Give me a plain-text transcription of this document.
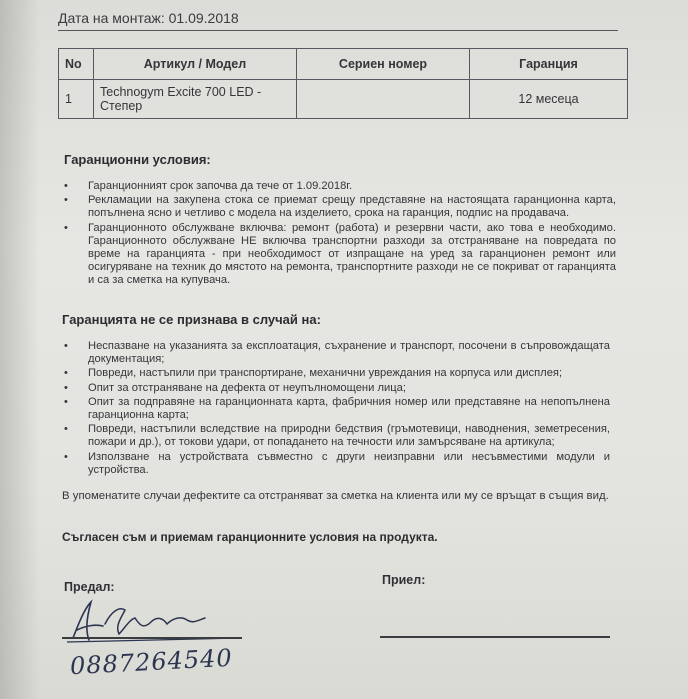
Дата на монтаж: 01.09.2018
No	Артикул / Модел	Сериен номер	Гаранция
1	Technogym Excite 700 LED - Степер		12 месеца
Гаранционни условия:
• Гаранционният срок започва да тече от 1.09.2018г.
• Рекламации на закупена стока се приемат срещу представяне на настоящата гаранционна карта, попълнена ясно и четливо с модела на изделието, срока на гаранция, подпис на продавача.
• Гаранционното обслужване включва: ремонт (работа) и резервни части, ако това е необходимо. Гаранционното обслужване НЕ включва транспортни разходи за отстраняване на повредата по време на гаранцията - при необходимост от изпращане на уред за гаранционен ремонт или осигуряване на техник до мястото на ремонта, транспортните разходи не се покриват от гаранцията и са за сметка на купувача.
Гаранцията не се признава в случай на:
• Неспазване на указанията за експлоатация, съхранение и транспорт, посочени в съпровождащата документация;
• Повреди, настъпили при транспортиране, механични увреждания на корпуса или дисплея;
• Опит за отстраняване на дефекта от неупълномощени лица;
• Опит за подправяне на гаранционната карта, фабричния номер или представяне на непопълнена гаранционна карта;
• Повреди, настъпили вследствие на природни бедствия (гръмотевици, наводнения, земетресения, пожари и др.), от токови удари, от попадането на течности или замърсяване на артикула;
• Използване на устройствата съвместно с други неизправни или несъвместими модули и устройства.
В упоменатите случаи дефектите са отстраняват за сметка на клиента или му се връщат в същия вид.
Съгласен съм и приемам гаранционните условия на продукта.
Предал:	Приел:
0887264540
